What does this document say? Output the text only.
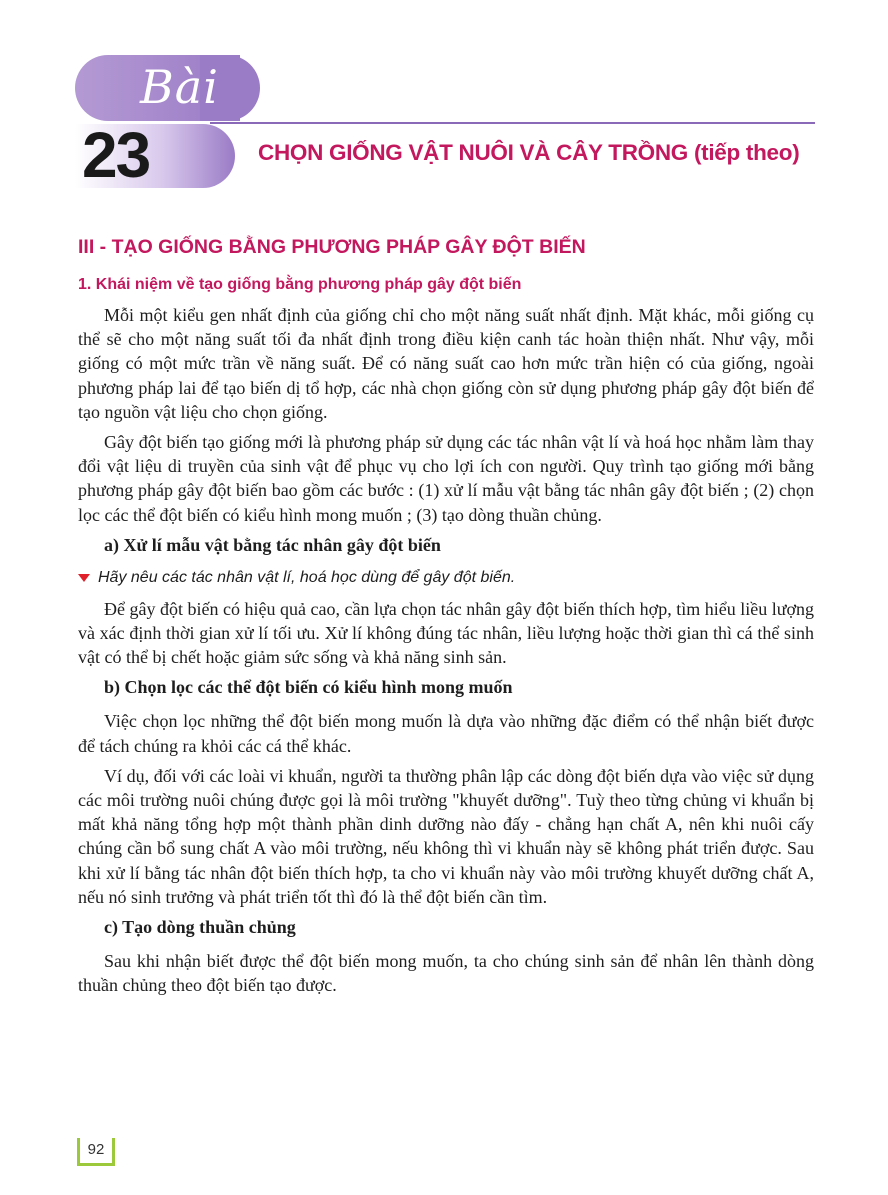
Bài
23	CHỌN GIỐNG VẬT NUÔI VÀ CÂY TRỒNG (tiếp theo)
III - TẠO GIỐNG BẰNG PHƯƠNG PHÁP GÂY ĐỘT BIẾN
1. Khái niệm về tạo giống bằng phương pháp gây đột biến

Mỗi một kiểu gen nhất định của giống chỉ cho một năng suất nhất định. Mặt khác, mỗi giống cụ thể sẽ cho một năng suất tối đa nhất định trong điều kiện canh tác hoàn thiện nhất. Như vậy, mỗi giống có một mức trần về năng suất. Để có năng suất cao hơn mức trần hiện có của giống, ngoài phương pháp lai để tạo biến dị tổ hợp, các nhà chọn giống còn sử dụng phương pháp gây đột biến để tạo nguồn vật liệu cho chọn giống.

Gây đột biến tạo giống mới là phương pháp sử dụng các tác nhân vật lí và hoá học nhằm làm thay đổi vật liệu di truyền của sinh vật để phục vụ cho lợi ích con người. Quy trình tạo giống mới bằng phương pháp gây đột biến bao gồm các bước : (1) xử lí mẫu vật bằng tác nhân gây đột biến ; (2) chọn lọc các thể đột biến có kiểu hình mong muốn ; (3) tạo dòng thuần chủng.

a) Xử lí mẫu vật bằng tác nhân gây đột biến
Hãy nêu các tác nhân vật lí, hoá học dùng để gây đột biến.

Để gây đột biến có hiệu quả cao, cần lựa chọn tác nhân gây đột biến thích hợp, tìm hiểu liều lượng và xác định thời gian xử lí tối ưu. Xử lí không đúng tác nhân, liều lượng hoặc thời gian thì cá thể sinh vật có thể bị chết hoặc giảm sức sống và khả năng sinh sản.

b) Chọn lọc các thể đột biến có kiểu hình mong muốn

Việc chọn lọc những thể đột biến mong muốn là dựa vào những đặc điểm có thể nhận biết được để tách chúng ra khỏi các cá thể khác.

Ví dụ, đối với các loài vi khuẩn, người ta thường phân lập các dòng đột biến dựa vào việc sử dụng các môi trường nuôi chúng được gọi là môi trường "khuyết dưỡng". Tuỳ theo từng chủng vi khuẩn bị mất khả năng tổng hợp một thành phần dinh dưỡng nào đấy - chẳng hạn chất A, nên khi nuôi cấy chúng cần bổ sung chất A vào môi trường, nếu không thì vi khuẩn này sẽ không phát triển được. Sau khi xử lí bằng tác nhân đột biến thích hợp, ta cho vi khuẩn này vào môi trường khuyết dưỡng chất A, nếu nó sinh trưởng và phát triển tốt thì đó là thể đột biến cần tìm.

c) Tạo dòng thuần chủng

Sau khi nhận biết được thể đột biến mong muốn, ta cho chúng sinh sản để nhân lên thành dòng thuần chủng theo đột biến tạo được.

92
